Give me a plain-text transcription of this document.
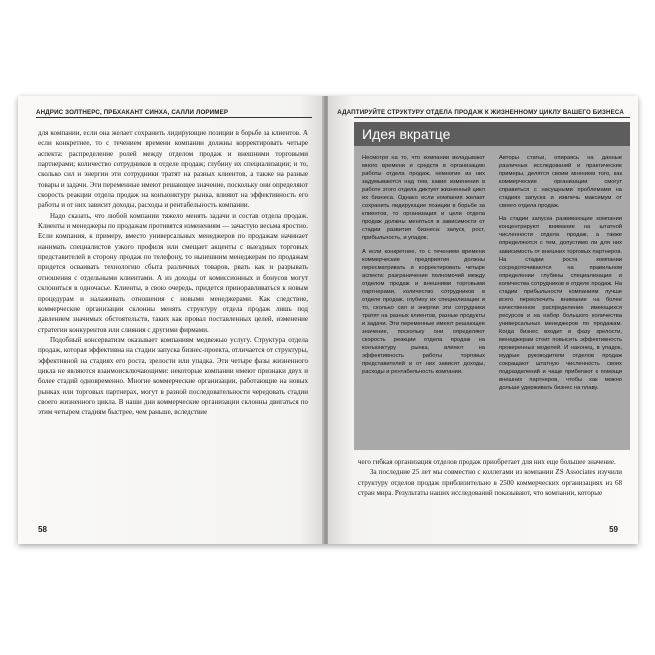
АНДРИС ЗОЛТНЕРС, ПРБХАКАНТ СИНХА, САЛЛИ ЛОРИМЕР

для компании, если она желает сохранить лидирующие позиции в борьбе за клиентов. А если конкретнее, то с течением времени компании должны корректировать четыре аспекта: распределение ролей между отделом продаж и внешними торговыми партнерами; количество сотрудников в отделе продаж; глубину их специализации; и то, сколько сил и энергии эти сотрудники тратят на разных клиентов, а также на разные товары и задачи. Эти переменные имеют решающее значение, поскольку они определяют скорость реакции отдела продаж на конъюнктуру рынка, влияют на эффективность его работы и от них зависит доходы, расходы и рентабельность компании.

Надо сказать, что любой компании тяжело менять задачи и состав отдела продаж. Клиенты и менеджеры по продажам противятся изменениям — зачастую весьма яростно. Если компания, к примеру, вместо универсальных менеджеров по продажам начинает нанимать специалистов узкого профиля или смещает акценты с выездных торговых представителей в сторону продаж по телефону, то нынешним менеджерам по продажам придется осваивать технологию сбыта различных товаров, рвать как и разрывать отношения с отдельными клиентами. А из доходы от комиссионных и бонусов могут склониться в одночасье. Клиенты, в свою очередь, придется приноравливаться к новым процедурам и налаживать отношения с новыми менеджерами. Как следствие, коммерческие организации склонны менять структуру отдела продаж лишь под давлением значимых обстоятельств, таких как провал поставленных целей, изменение стратегии конкурентов или слияния с другими фирмами.

Подобный консерватизм оказывает компаниям медвежью услугу. Структура отдела продаж, которая эффективна на стадии запуска бизнес-проекта, отличается от структуры, эффективной на стадиях его роста, зрелости или упадка. Эти четыре фазы жизненного цикла не являются взаимоисключающими: некоторые компании имеют признаки двух и более стадий одновременно. Многие коммерческие организации, работающие на новых рынках или торговых партнерах, могут в разной последовательности чередовать стадии своего жизненного цикла. В наши дни коммерческие организации склонны двигаться по этим четырем стадиям быстрее, чем раньше, вследствие

58
АДАПТИРУЙТЕ СТРУКТУРУ ОТДЕЛА ПРОДАЖ К ЖИЗНЕННОМУ ЦИКЛУ ВАШЕГО БИЗНЕСА
Идея вкратце

Несмотря на то, что компании вкладывают много времени и средств в организацию работы отдела продаж, немногие из них задумываются над тем, какие изменения в работе этого отдела диктует жизненный цикл их бизнеса. Однако если компания желает сохранить лидирующие позиции в борьбе за клиентов, то организация и цели отдела продаж должны меняться в зависимости от стадии развития бизнеса: запуск, рост, прибыльность, и упадок.

А если конкретнее, то с течением времени коммерческие предприятия должны пересматривать и корректировать четыре аспекта: разграничение полномочий между отделом продаж и внешними торговыми партнерами, количество сотрудников в отделе продаж, глубину их специализации и то, сколько сил и энергии эти сотрудники тратят на разных клиентов, разные продукты и задачи. Эти переменные имеют решающее значение, поскольку они определяют скорость реакции отдела продаж на конъюнктуру рынка, влияют на эффективность работы торговых представителей и от них зависят доходы, расходы и рентабельность компании.

Авторы статьи, опираясь на данные различных исследований и практические примеры, делятся своим мнением того, как коммерческие организации смогут справиться с насущными проблемами на стадиях запуска и извлечь максимум от своего отдела продаж.

На стадии запуска развивающие компании концентрируют внимание на штатной численности отдела продаж, а также определяются с тем, допустимо ли для них зависимость от внешних торговых партнеров. На стадии роста компании сосредоточиваются на правильном определении глубины специализации и количества сотрудников в отделе продаж. На стадии прибыльности компаниям лучше всего переключить внимание на более качественное распределение имеющихся ресурсов и на набор большого количества универсальных менеджеров по продажам. Когда бизнес входит в фазу зрелости, менеджерам стоит повысить эффективность проверенных моделей. И наконец, в упадок, мудрые руководители отделов продаж сокращают штатную численность своих подразделений и чаще прибегают к помощи внешних партнеров, чтобы как можно дольше удерживать бизнес на плаву.

чего гибкая организация отделов продаж приобретает для них еще большее значение.

За последние 25 лет мы совместно с коллегами из компании ZS Associates изучили структуру отделов продаж приблизительно в 2500 коммерческих организациях из 68 стран мира. Результаты наших исследований показывают, что компании, которые

59
